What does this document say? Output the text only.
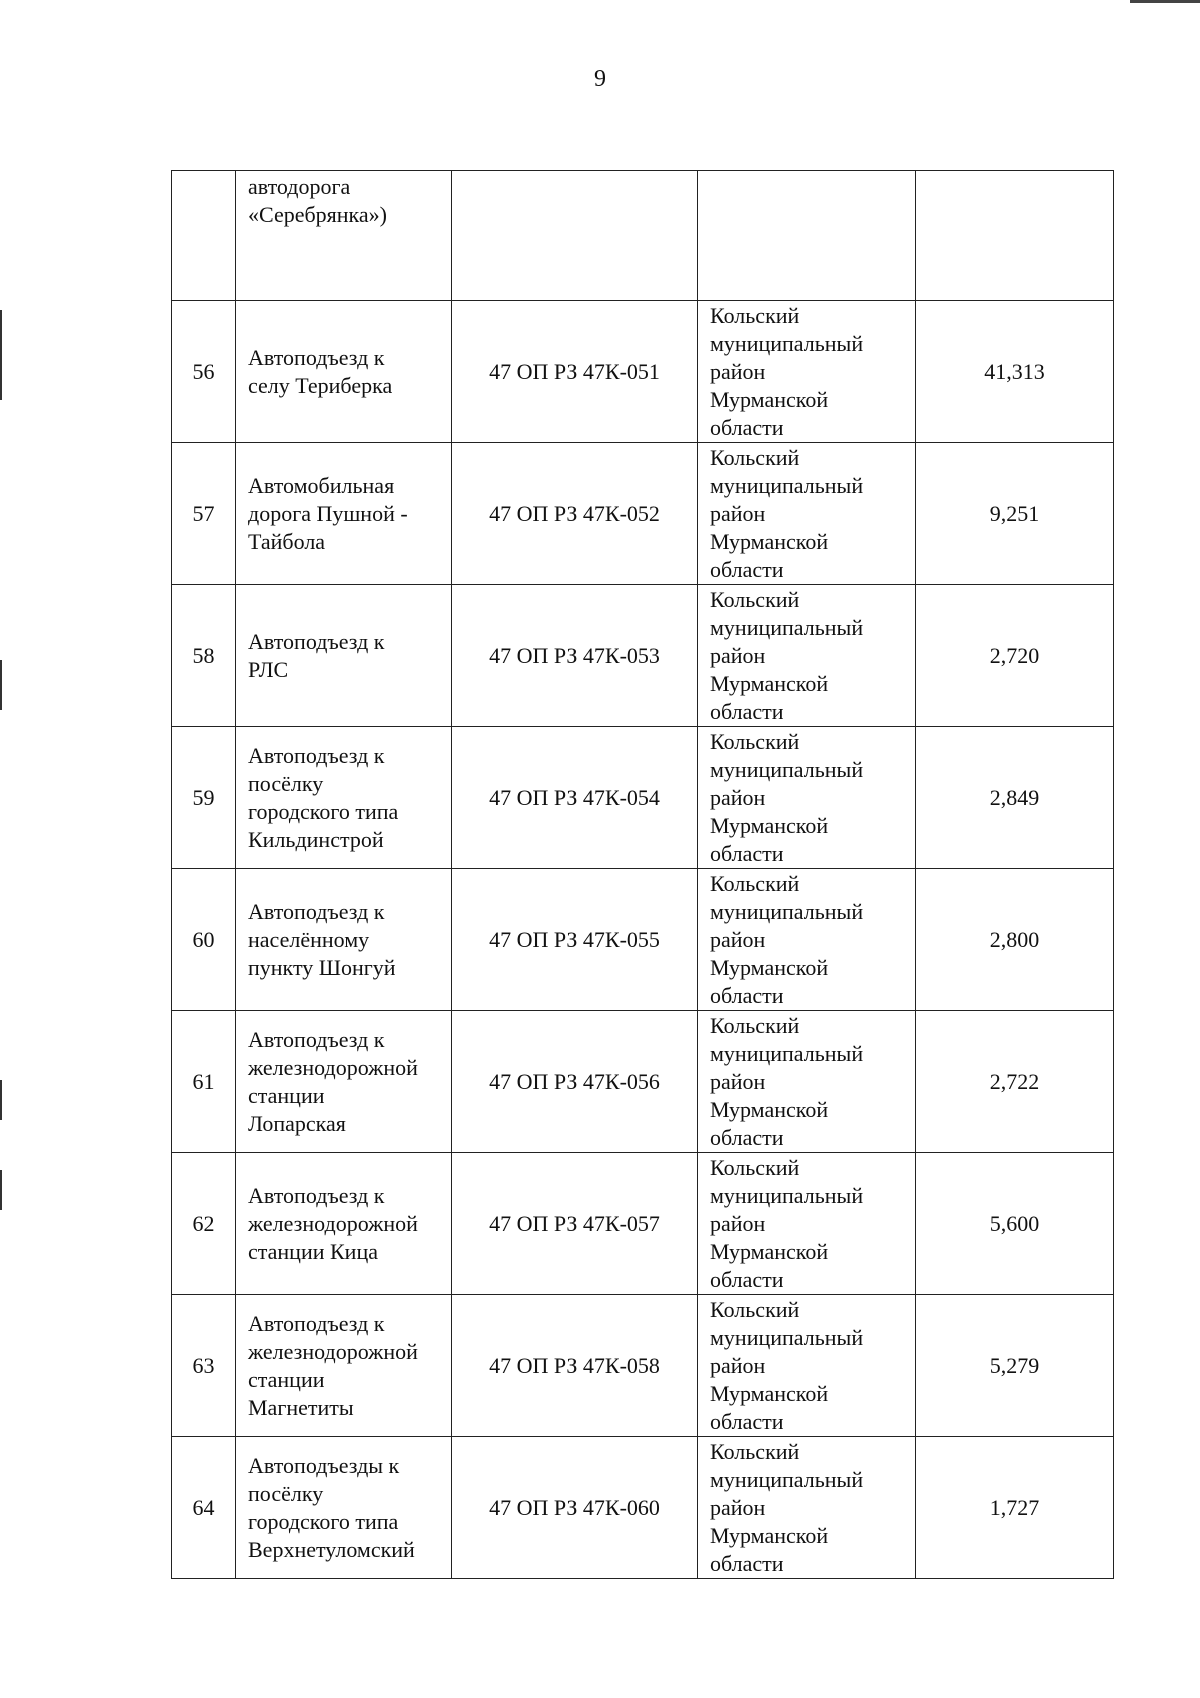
9
	автодорога
«Серебрянка»)			
56	Автоподъезд к
селу Териберка	47 ОП РЗ 47К-051	Кольский
муниципальный
район
Мурманской
области	41,313
57	Автомобильная
дорога Пушной -
Тайбола	47 ОП РЗ 47К-052	Кольский
муниципальный
район
Мурманской
области	9,251
58	Автоподъезд к
РЛС	47 ОП РЗ 47К-053	Кольский
муниципальный
район
Мурманской
области	2,720
59	Автоподъезд к
посёлку
городского типа
Кильдинстрой	47 ОП РЗ 47К-054	Кольский
муниципальный
район
Мурманской
области	2,849
60	Автоподъезд к
населённому
пункту Шонгуй	47 ОП РЗ 47К-055	Кольский
муниципальный
район
Мурманской
области	2,800
61	Автоподъезд к
железнодорожной
станции
Лопарская	47 ОП РЗ 47К-056	Кольский
муниципальный
район
Мурманской
области	2,722
62	Автоподъезд к
железнодорожной
станции Кица	47 ОП РЗ 47К-057	Кольский
муниципальный
район
Мурманской
области	5,600
63	Автоподъезд к
железнодорожной
станции
Магнетиты	47 ОП РЗ 47К-058	Кольский
муниципальный
район
Мурманской
области	5,279
64	Автоподъезды к
посёлку
городского типа
Верхнетуломский	47 ОП РЗ 47К-060	Кольский
муниципальный
район
Мурманской
области	1,727
